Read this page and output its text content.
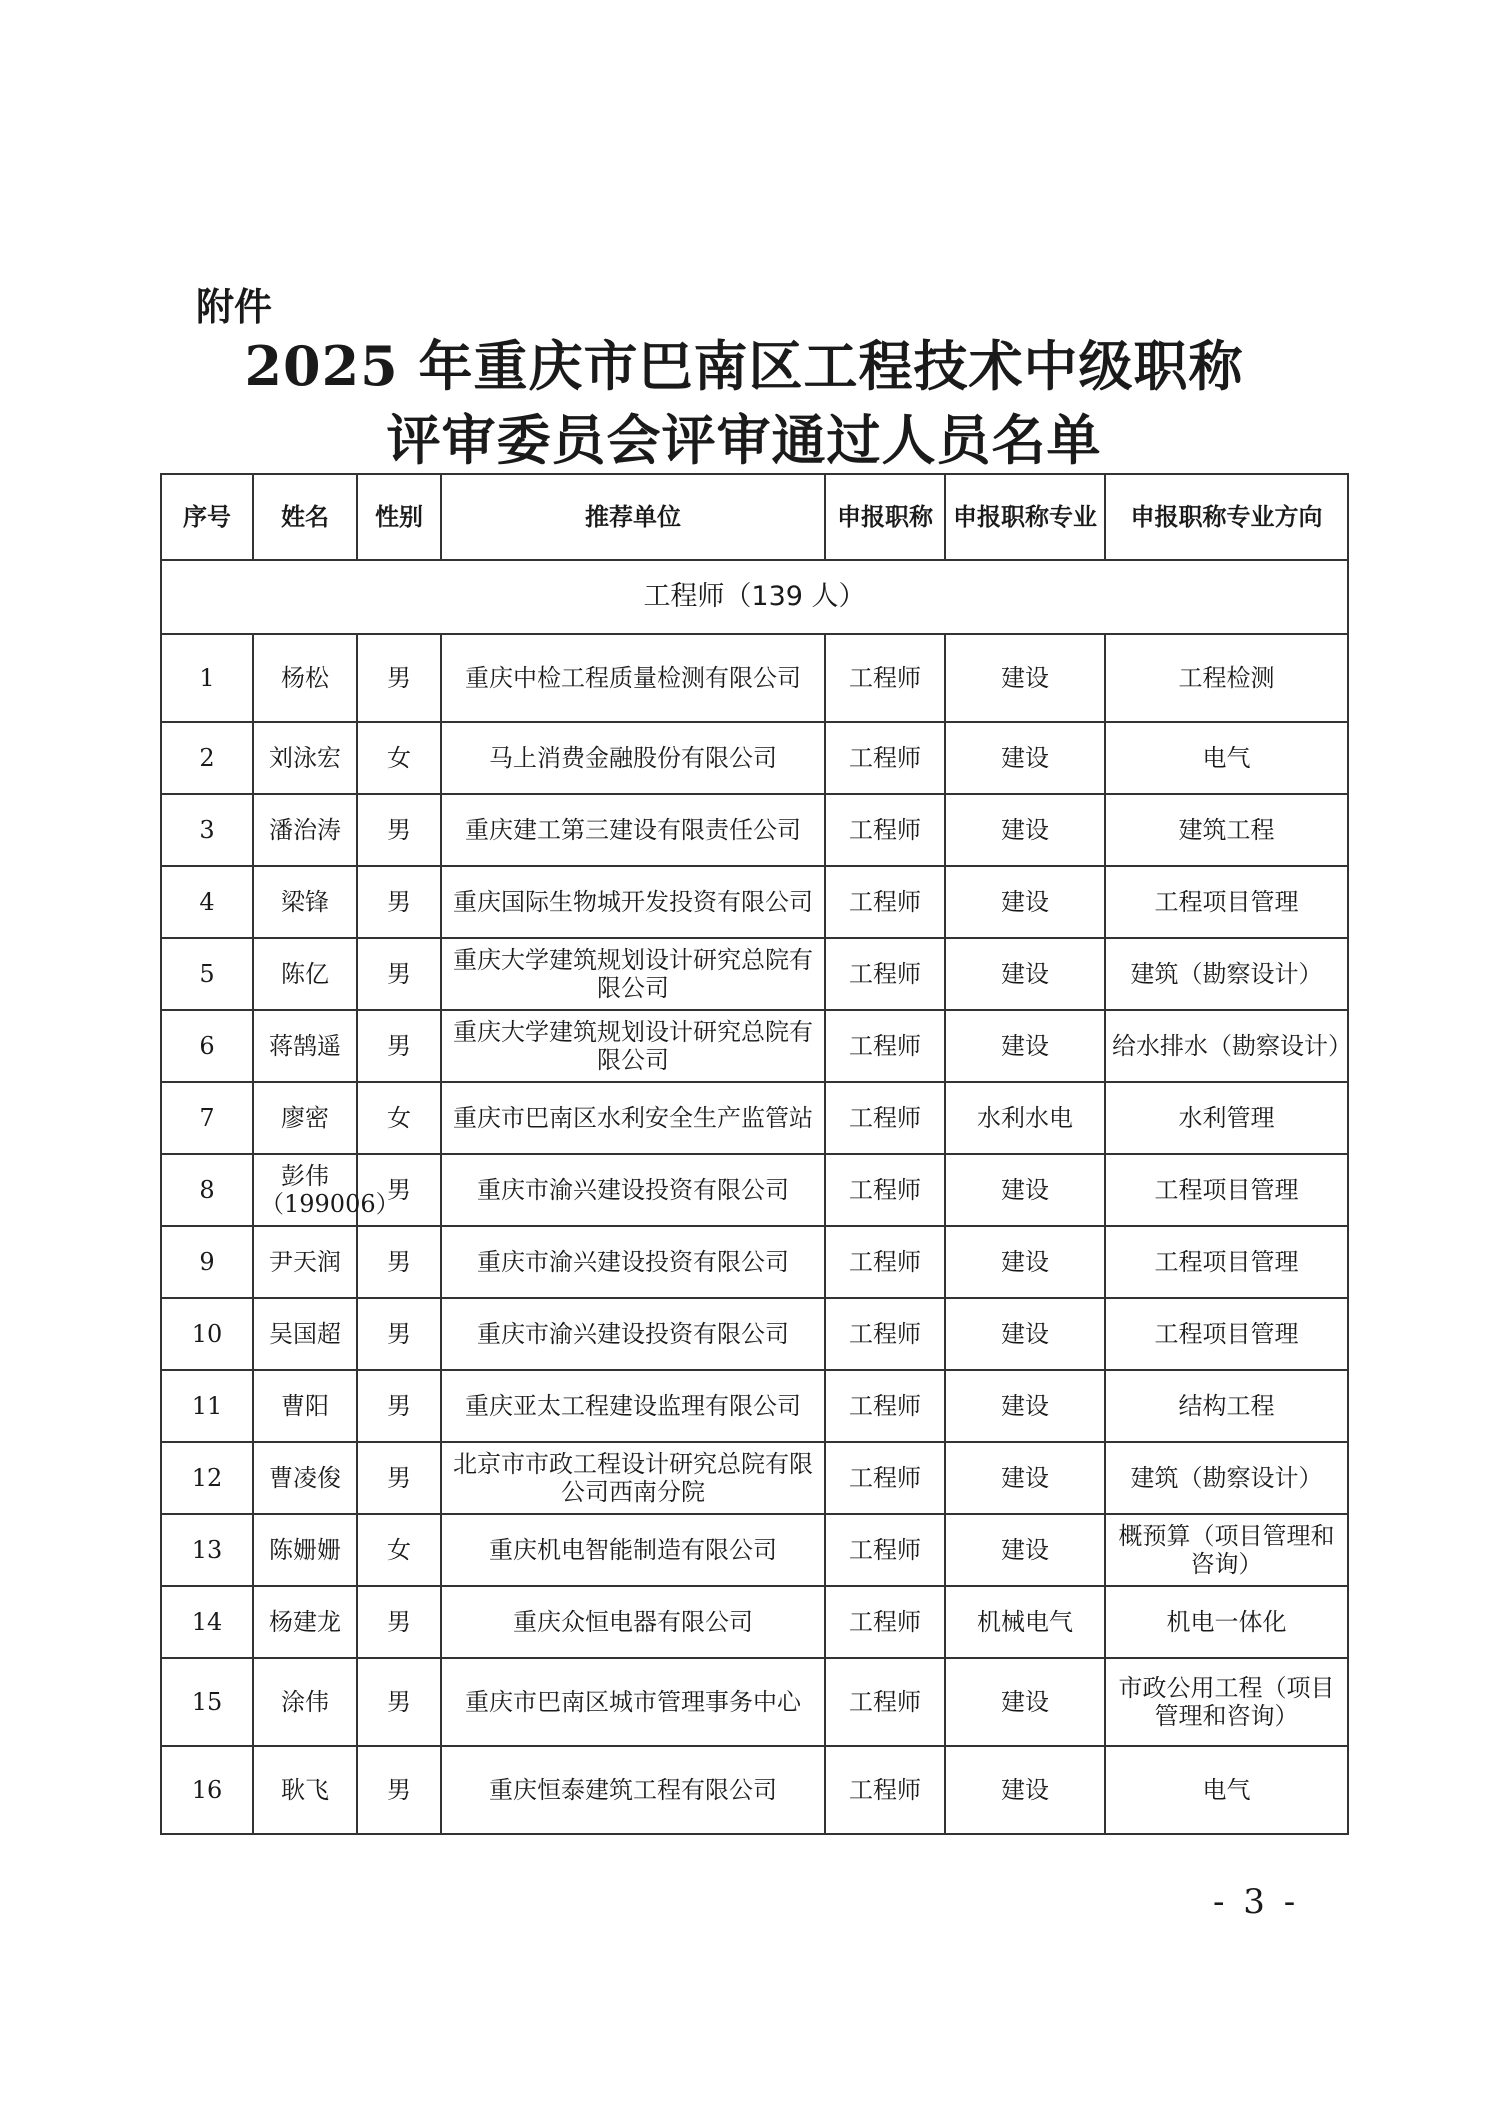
附件
2025 年重庆市巴南区工程技术中级职称
评审委员会评审通过人员名单
序号	姓名	性别	推荐单位	申报职称	申报职称专业	申报职称专业方向
工程师（139 人）						
1	杨松	男	重庆中检工程质量检测有限公司	工程师	建设	工程检测
2	刘泳宏	女	马上消费金融股份有限公司	工程师	建设	电气
3	潘治涛	男	重庆建工第三建设有限责任公司	工程师	建设	建筑工程
4	梁锋	男	重庆国际生物城开发投资有限公司	工程师	建设	工程项目管理
5	陈亿	男	重庆大学建筑规划设计研究总院有限公司	工程师	建设	建筑（勘察设计）
6	蒋鹄遥	男	重庆大学建筑规划设计研究总院有限公司	工程师	建设	给水排水（勘察设计）
7	廖密	女	重庆市巴南区水利安全生产监管站	工程师	水利水电	水利管理
8	彭伟（199006）	男	重庆市渝兴建设投资有限公司	工程师	建设	工程项目管理
9	尹天润	男	重庆市渝兴建设投资有限公司	工程师	建设	工程项目管理
10	吴国超	男	重庆市渝兴建设投资有限公司	工程师	建设	工程项目管理
11	曹阳	男	重庆亚太工程建设监理有限公司	工程师	建设	结构工程
12	曹凌俊	男	北京市市政工程设计研究总院有限公司西南分院	工程师	建设	建筑（勘察设计）
13	陈姗姗	女	重庆机电智能制造有限公司	工程师	建设	概预算（项目管理和咨询）
14	杨建龙	男	重庆众恒电器有限公司	工程师	机械电气	机电一体化
15	涂伟	男	重庆市巴南区城市管理事务中心	工程师	建设	市政公用工程（项目管理和咨询）
16	耿飞	男	重庆恒泰建筑工程有限公司	工程师	建设	电气
- 3 -
